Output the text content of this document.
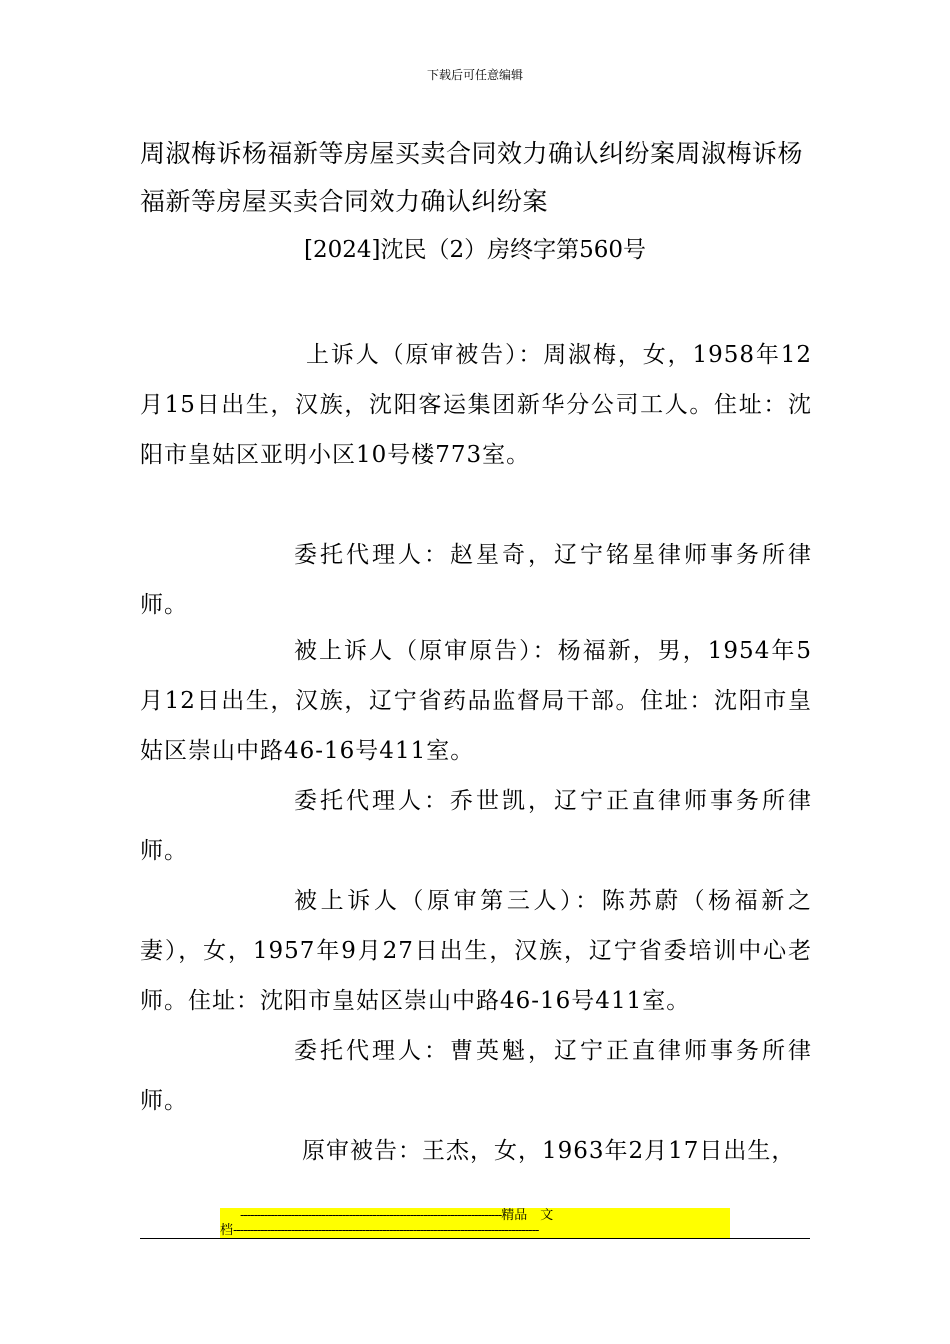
下载后可任意编辑
周淑梅诉杨福新等房屋买卖合同效力确认纠纷案周淑梅诉杨福新等房屋买卖合同效力确认纠纷案
[2024]沈民（2）房终字第560号
上诉人（原审被告）：周淑梅，女，1958年12月15日出生，汉族，沈阳客运集团新华分公司工人。住址：沈阳市皇姑区亚明小区10号楼773室。
委托代理人：赵星奇，辽宁铭星律师事务所律师。
被上诉人（原审原告）：杨福新，男，1954年5月12日出生，汉族，辽宁省药品监督局干部。住址：沈阳市皇姑区崇山中路46-16号411室。
委托代理人：乔世凯，辽宁正直律师事务所律师。
被上诉人（原审第三人）：陈苏蔚（杨福新之妻），女，1957年9月27日出生，汉族，辽宁省委培训中心老师。住址：沈阳市皇姑区崇山中路46-16号411室。
委托代理人：曹英魁，辽宁正直律师事务所律师。
原审被告：王杰，女，1963年2月17日出生，
-----------------------------------------------------------------------------精品　文
档------------------------------------------------------------------------------------------
